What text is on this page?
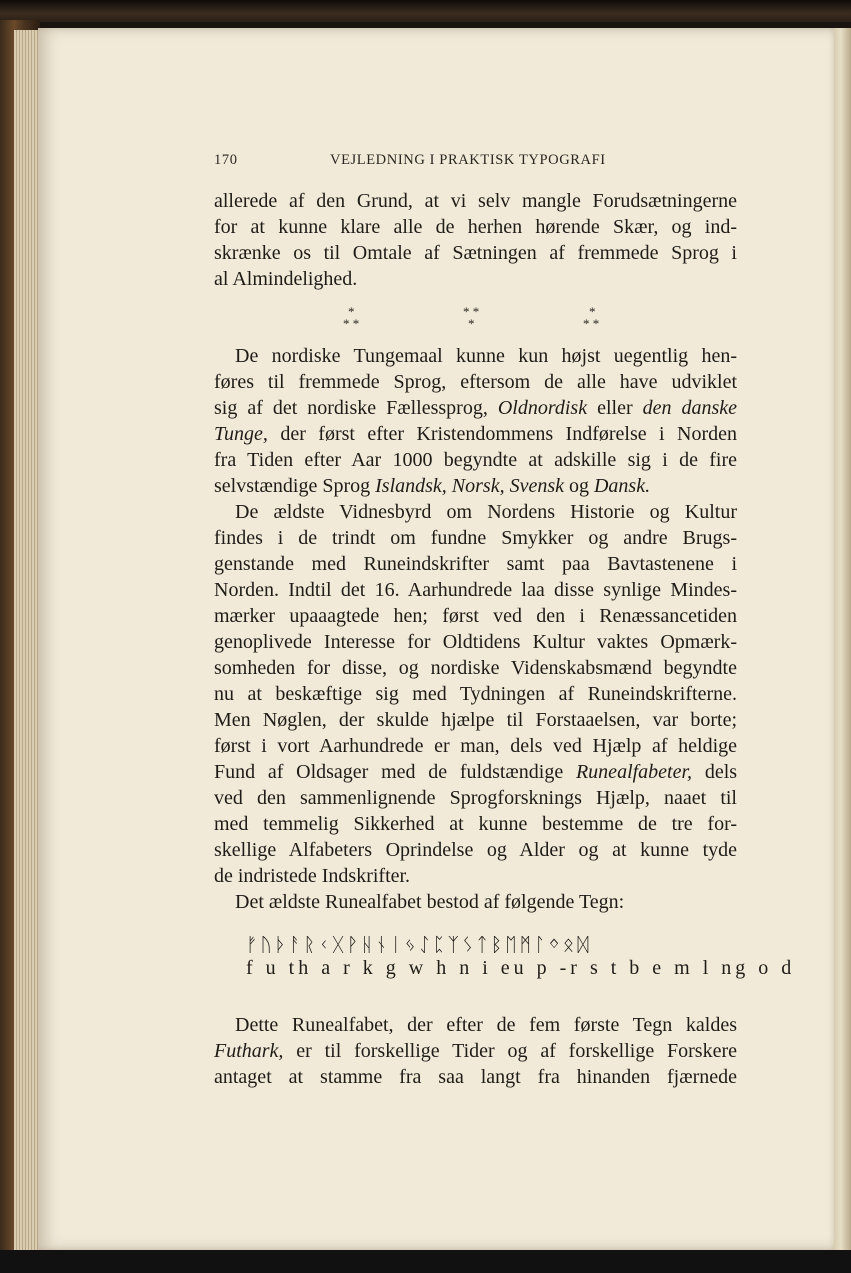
170	VEJLEDNING I PRAKTISK TYPOGRAFI
allerede af den Grund, at vi selv mangle Forudsætningerne
for at kunne klare alle de herhen hørende Skær, og ind-
skrænke os til Omtale af Sætningen af fremmede Sprog i
al Almindelighed.
*
* *
* *
*
*
* *
De nordiske Tungemaal kunne kun højst uegentlig hen-
føres til fremmede Sprog, eftersom de alle have udviklet
sig af det nordiske Fællessprog, Oldnordisk eller den danske
Tunge, der først efter Kristendommens Indførelse i Norden
fra Tiden efter Aar 1000 begyndte at adskille sig i de fire
selvstændige Sprog Islandsk, Norsk, Svensk og Dansk.
De ældste Vidnesbyrd om Nordens Historie og Kultur
findes i de trindt om fundne Smykker og andre Brugs-
genstande med Runeindskrifter samt paa Bavtastenene i
Norden. Indtil det 16. Aarhundrede laa disse synlige Mindes-
mærker upaaagtede hen; først ved den i Renæssancetiden
genoplivede Interesse for Oldtidens Kultur vaktes Opmærk-
somheden for disse, og nordiske Videnskabsmænd begyndte
nu at beskæftige sig med Tydningen af Runeindskrifterne.
Men Nøglen, der skulde hjælpe til Forstaaelsen, var borte;
først i vort Aarhundrede er man, dels ved Hjælp af heldige
Fund af Oldsager med de fuldstændige Runealfabeter, dels
ved den sammenlignende Sprogforsknings Hjælp, naaet til
med temmelig Sikkerhed at kunne bestemme de tre for-
skellige Alfabeters Oprindelse og Alder og at kunne tyde
de indristede Indskrifter.
Det ældste Runealfabet bestod af følgende Tegn:
ᚠᚢᚦᚨᚱᚲᚷᚹᚺᚾᛁᛃᛇᛈᛉᛊᛏᛒᛖᛗᛚᛜᛟᛞ
f u th a r k g w h n i eu p -r s t b e m l ng o d
Dette Runealfabet, der efter de fem første Tegn kaldes
Futhark, er til forskellige Tider og af forskellige Forskere
antaget at stamme fra saa langt fra hinanden fjærnede
